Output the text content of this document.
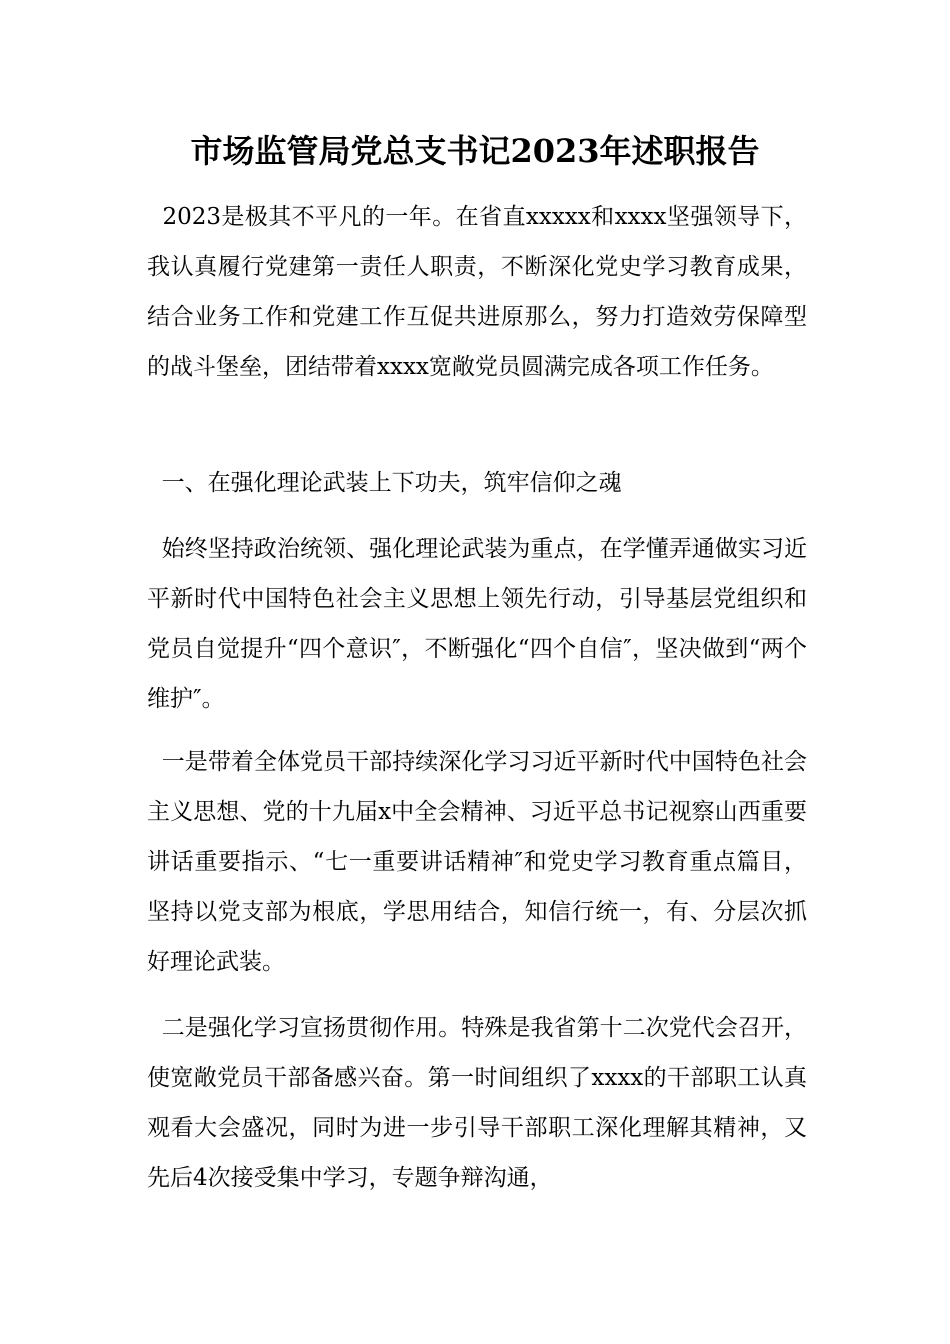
市场监管局党总支书记2023年述职报告

2023是极其不平凡的一年。在省直xxxxx和xxxx坚强领导下，我认真履行党建第一责任人职责，不断深化党史学习教育成果，结合业务工作和党建工作互促共进原那么，努力打造效劳保障型的战斗堡垒，团结带着xxxx宽敞党员圆满完成各项工作任务。

一、在强化理论武装上下功夫，筑牢信仰之魂

始终坚持政治统领、强化理论武装为重点，在学懂弄通做实习近平新时代中国特色社会主义思想上领先行动，引导基层党组织和党员自觉提升“四个意识″，不断强化“四个自信″，坚决做到“两个维护″。

一是带着全体党员干部持续深化学习习近平新时代中国特色社会主义思想、党的十九届x中全会精神、习近平总书记视察山西重要讲话重要指示、“七一重要讲话精神″和党史学习教育重点篇目，坚持以党支部为根底，学思用结合，知信行统一，有、分层次抓好理论武装。

二是强化学习宣扬贯彻作用。特殊是我省第十二次党代会召开，使宽敞党员干部备感兴奋。第一时间组织了xxxx的干部职工认真观看大会盛况，同时为进一步引导干部职工深化理解其精神，又先后4次接受集中学习，专题争辩沟通，
